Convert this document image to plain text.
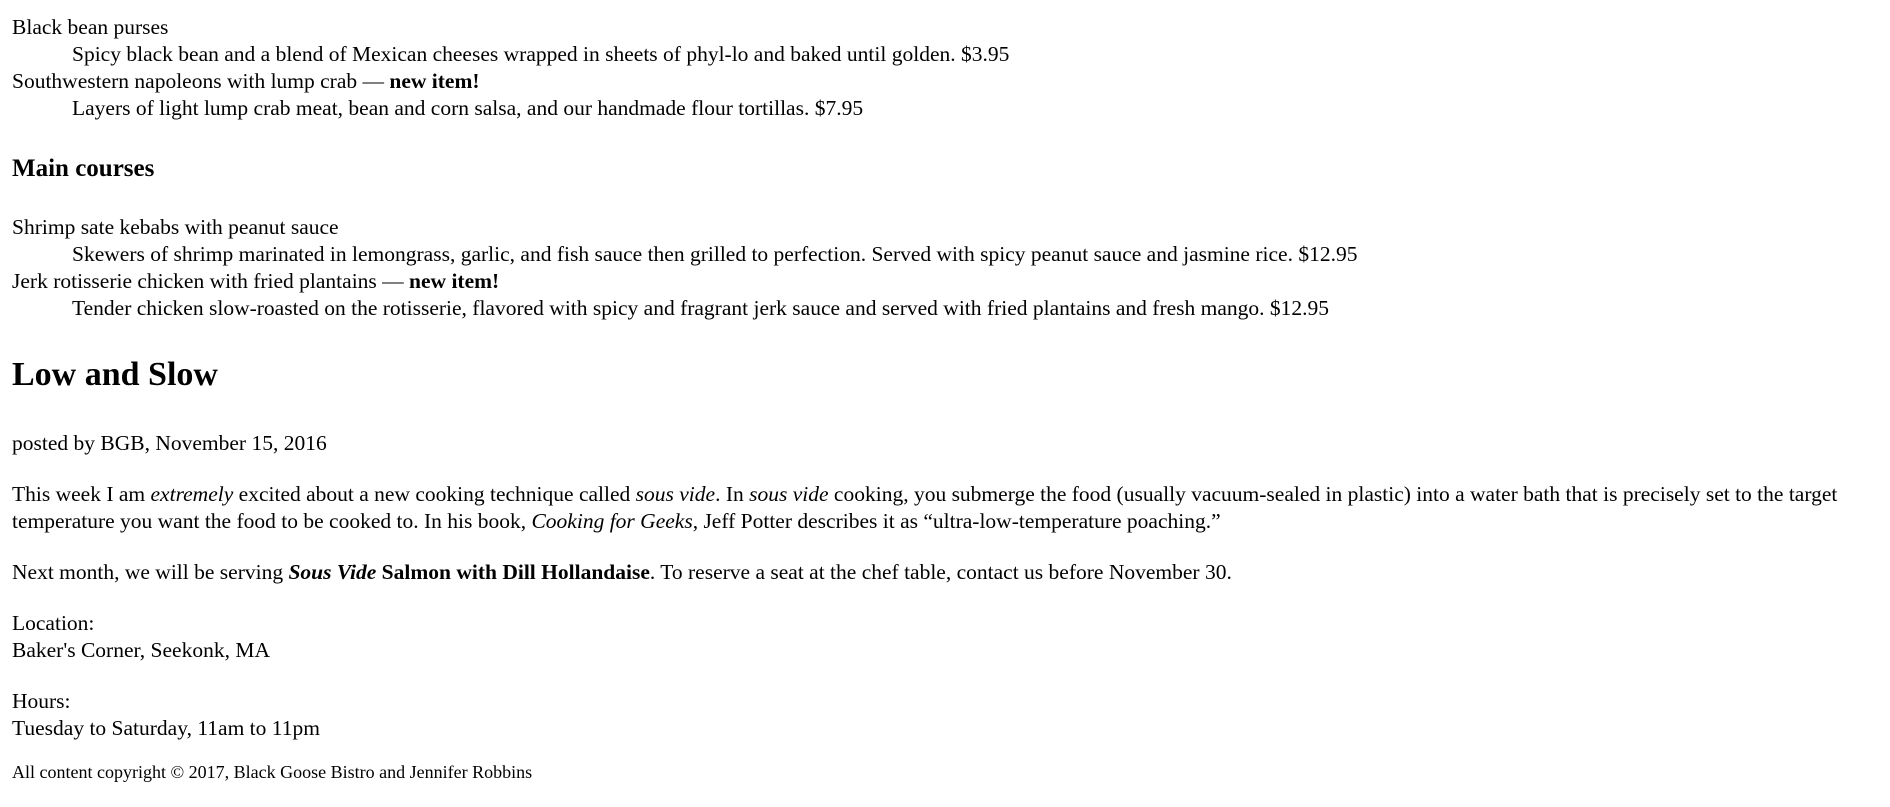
Black bean purses
Spicy black bean and a blend of Mexican cheeses wrapped in sheets of phyl-lo and baked until golden. $3.95
Southwestern napoleons with lump crab — new item!
Layers of light lump crab meat, bean and corn salsa, and our handmade flour tortillas. $7.95
Main courses
Shrimp sate kebabs with peanut sauce
Skewers of shrimp marinated in lemongrass, garlic, and fish sauce then grilled to perfection. Served with spicy peanut sauce and jasmine rice. $12.95
Jerk rotisserie chicken with fried plantains — new item!
Tender chicken slow-roasted on the rotisserie, flavored with spicy and fragrant jerk sauce and served with fried plantains and fresh mango. $12.95
Low and Slow

posted by BGB, November 15, 2016

This week I am extremely excited about a new cooking technique called sous vide. In sous vide cooking, you submerge the food (usually vacuum-sealed in plastic) into a water bath that is precisely set to the target temperature you want the food to be cooked to. In his book, Cooking for Geeks, Jeff Potter describes it as “ultra-low-temperature poaching.”

Next month, we will be serving Sous Vide Salmon with Dill Hollandaise. To reserve a seat at the chef table, contact us before November 30.

Location:
Baker's Corner, Seekonk, MA

Hours:
Tuesday to Saturday, 11am to 11pm

All content copyright © 2017, Black Goose Bistro and Jennifer Robbins
